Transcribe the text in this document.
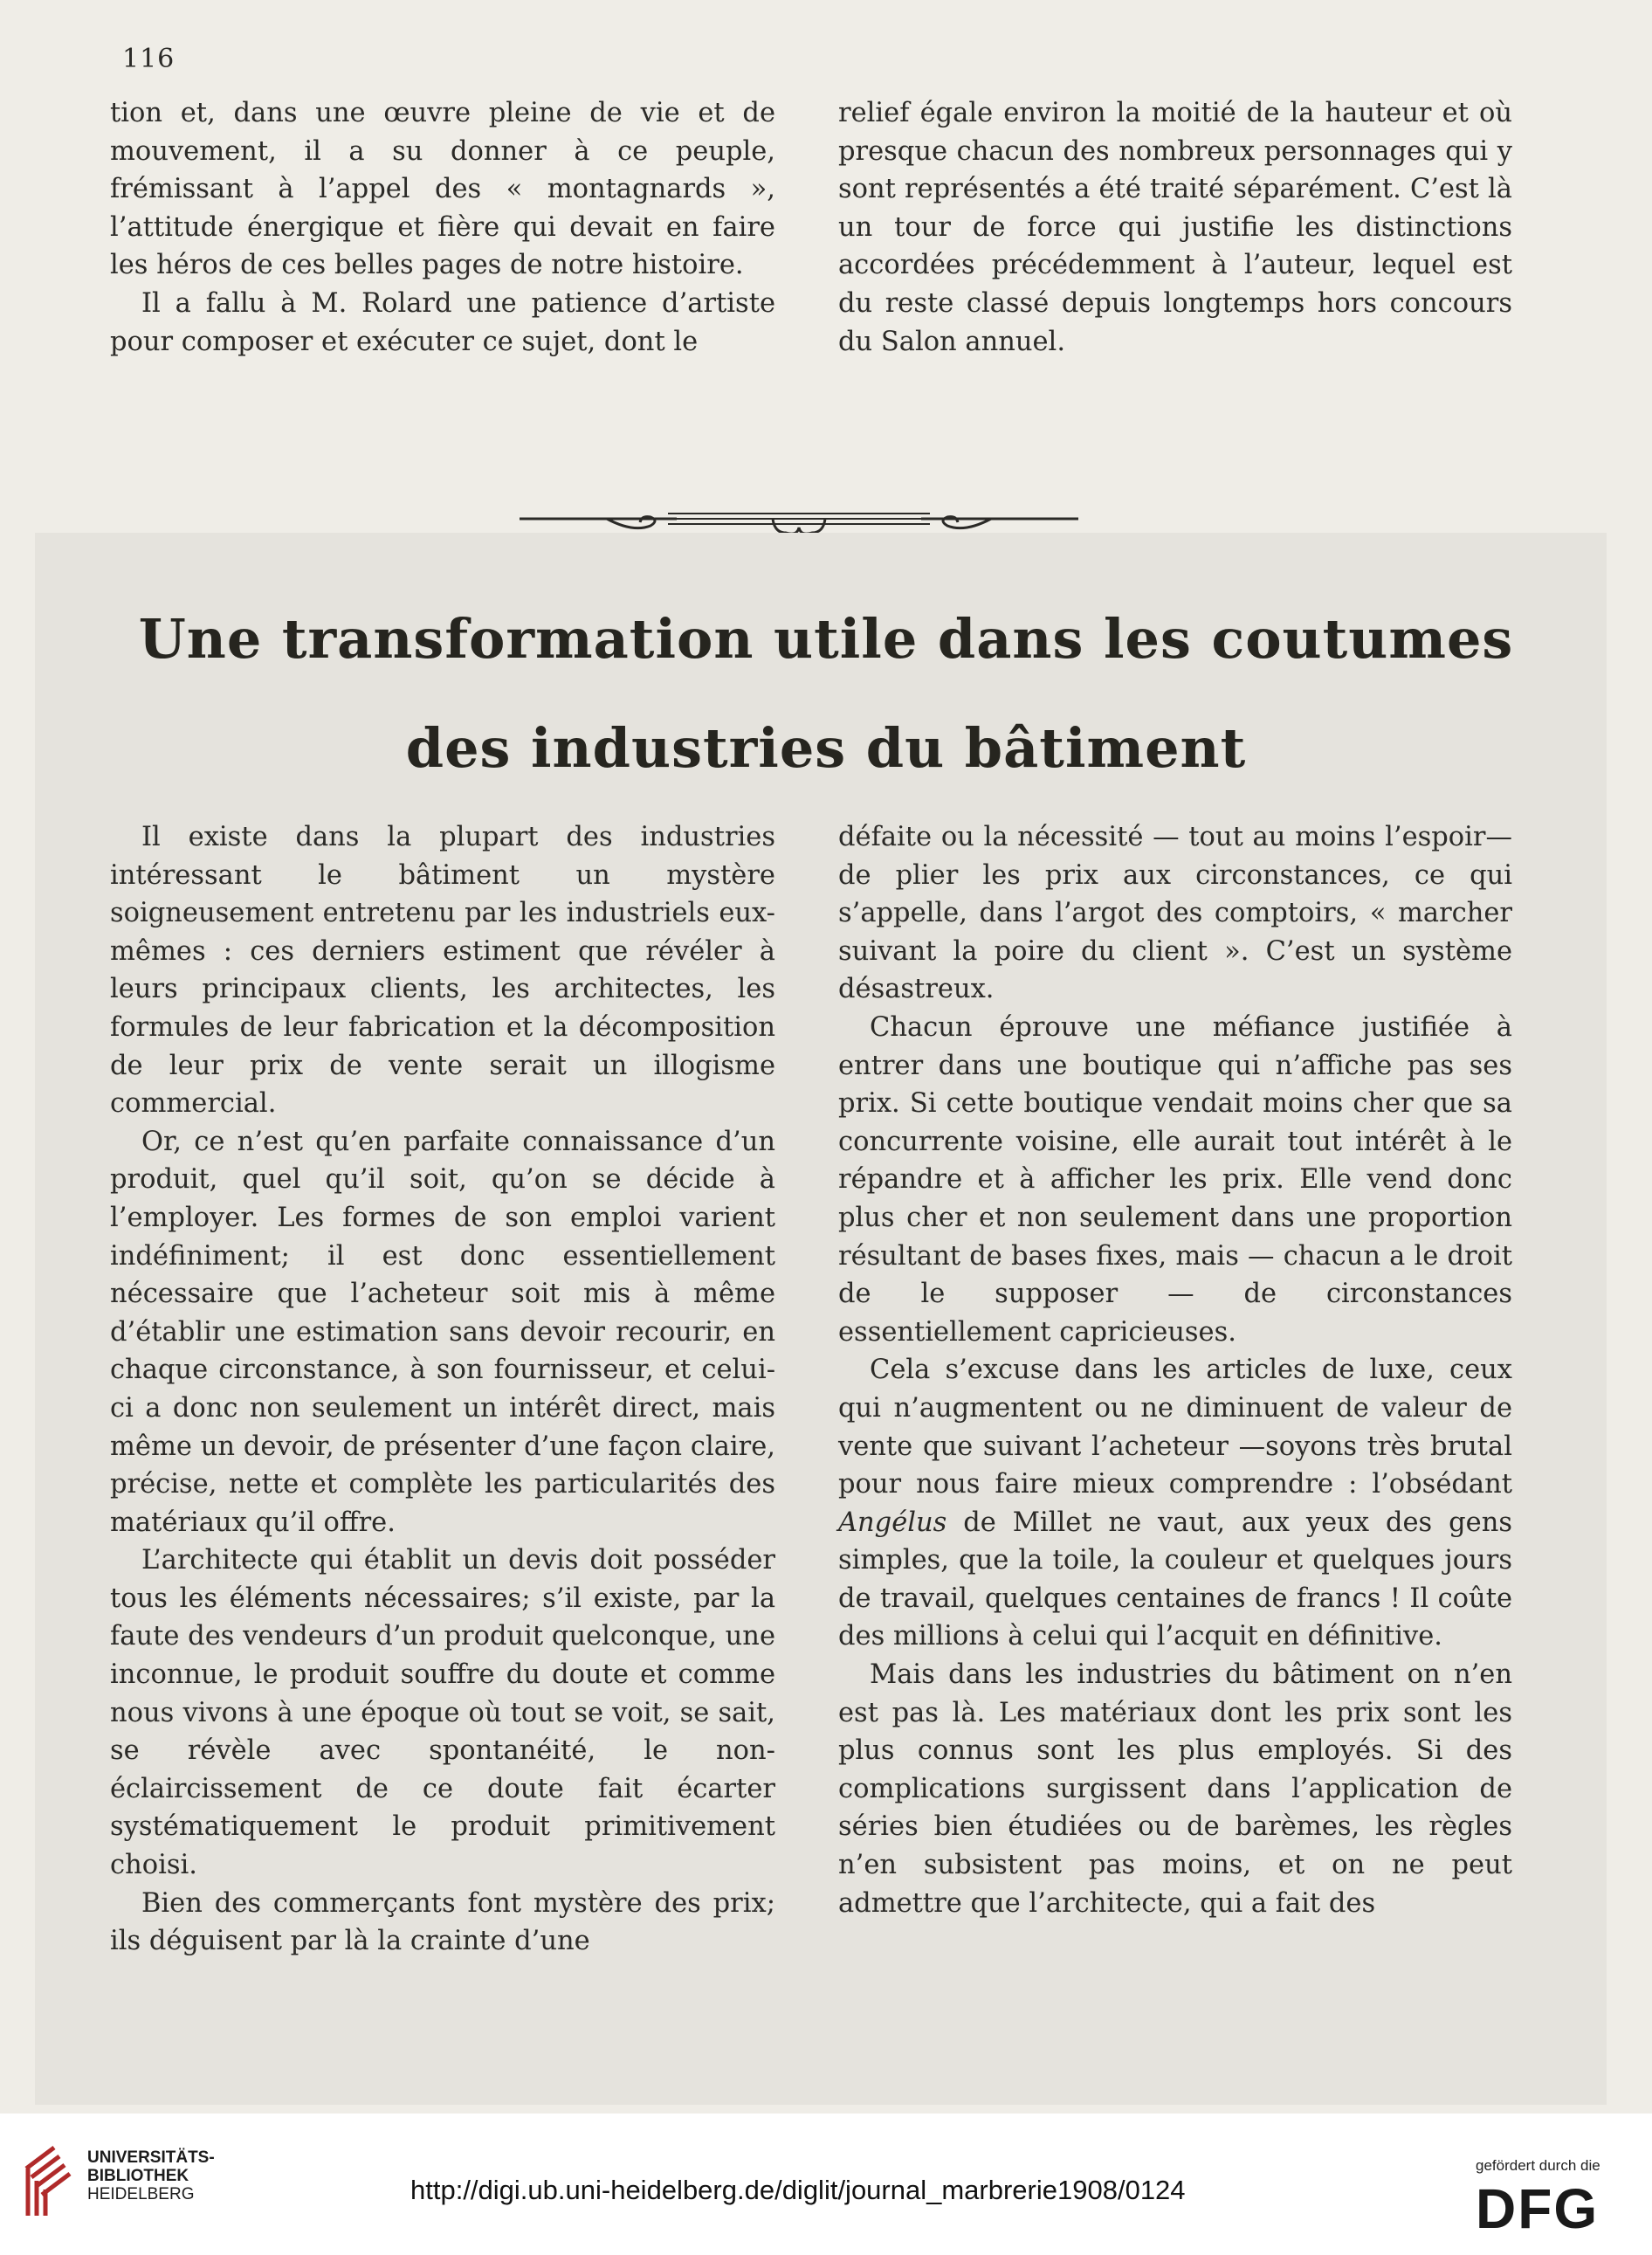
116

tion et, dans une œuvre pleine de vie et de mouvement, il a su donner à ce peuple, frémissant à l’appel des « montagnards », l’attitude énergique et fière qui devait en faire les héros de ces belles pages de notre histoire.

Il a fallu à M. Rolard une patience d’artiste pour composer et exécuter ce sujet, dont le

relief égale environ la moitié de la hauteur et où presque chacun des nombreux personnages qui y sont représentés a été traité séparément. C’est là un tour de force qui justifie les distinctions accordées précédemment à l’auteur, lequel est du reste classé depuis longtemps hors concours du Salon annuel.

Une transformation utile dans les coutumes
des industries du bâtiment

Il existe dans la plupart des industries intéressant le bâtiment un mystère soigneusement entretenu par les industriels eux-mêmes : ces derniers estiment que révéler à leurs principaux clients, les architectes, les formules de leur fabrication et la décomposition de leur prix de vente serait un illogisme commercial.

Or, ce n’est qu’en parfaite connaissance d’un produit, quel qu’il soit, qu’on se décide à l’employer. Les formes de son emploi varient indéfiniment; il est donc essentiellement nécessaire que l’acheteur soit mis à même d’établir une estimation sans devoir recourir, en chaque circonstance, à son fournisseur, et celui-ci a donc non seulement un intérêt direct, mais même un devoir, de présenter d’une façon claire, précise, nette et complète les particularités des matériaux qu’il offre.

L’architecte qui établit un devis doit posséder tous les éléments nécessaires; s’il existe, par la faute des vendeurs d’un produit quelconque, une inconnue, le produit souffre du doute et comme nous vivons à une époque où tout se voit, se sait, se révèle avec spontanéité, le non-éclaircissement de ce doute fait écarter systématiquement le produit primitivement choisi.

Bien des commerçants font mystère des prix; ils déguisent par là la crainte d’une

défaite ou la nécessité — tout au moins l’espoir—de plier les prix aux circonstances, ce qui s’appelle, dans l’argot des comptoirs, « marcher suivant la poire du client ». C’est un système désastreux.

Chacun éprouve une méfiance justifiée à entrer dans une boutique qui n’affiche pas ses prix. Si cette boutique vendait moins cher que sa concurrente voisine, elle aurait tout intérêt à le répandre et à afficher les prix. Elle vend donc plus cher et non seulement dans une proportion résultant de bases fixes, mais — chacun a le droit de le supposer — de circonstances essentiellement capricieuses.

Cela s’excuse dans les articles de luxe, ceux qui n’augmentent ou ne diminuent de valeur de vente que suivant l’acheteur —soyons très brutal pour nous faire mieux comprendre : l’obsédant Angélus de Millet ne vaut, aux yeux des gens simples, que la toile, la couleur et quelques jours de travail, quelques centaines de francs ! Il coûte des millions à celui qui l’acquit en définitive.

Mais dans les industries du bâtiment on n’en est pas là. Les matériaux dont les prix sont les plus connus sont les plus employés. Si des complications surgissent dans l’application de séries bien étudiées ou de barèmes, les règles n’en subsistent pas moins, et on ne peut admettre que l’architecte, qui a fait des

UNIVERSITÄTS-
BIBLIOTHEK
HEIDELBERG	http://digi.ub.uni-heidelberg.de/diglit/journal_marbrerie1908/0124
gefördert durch die
DFG
